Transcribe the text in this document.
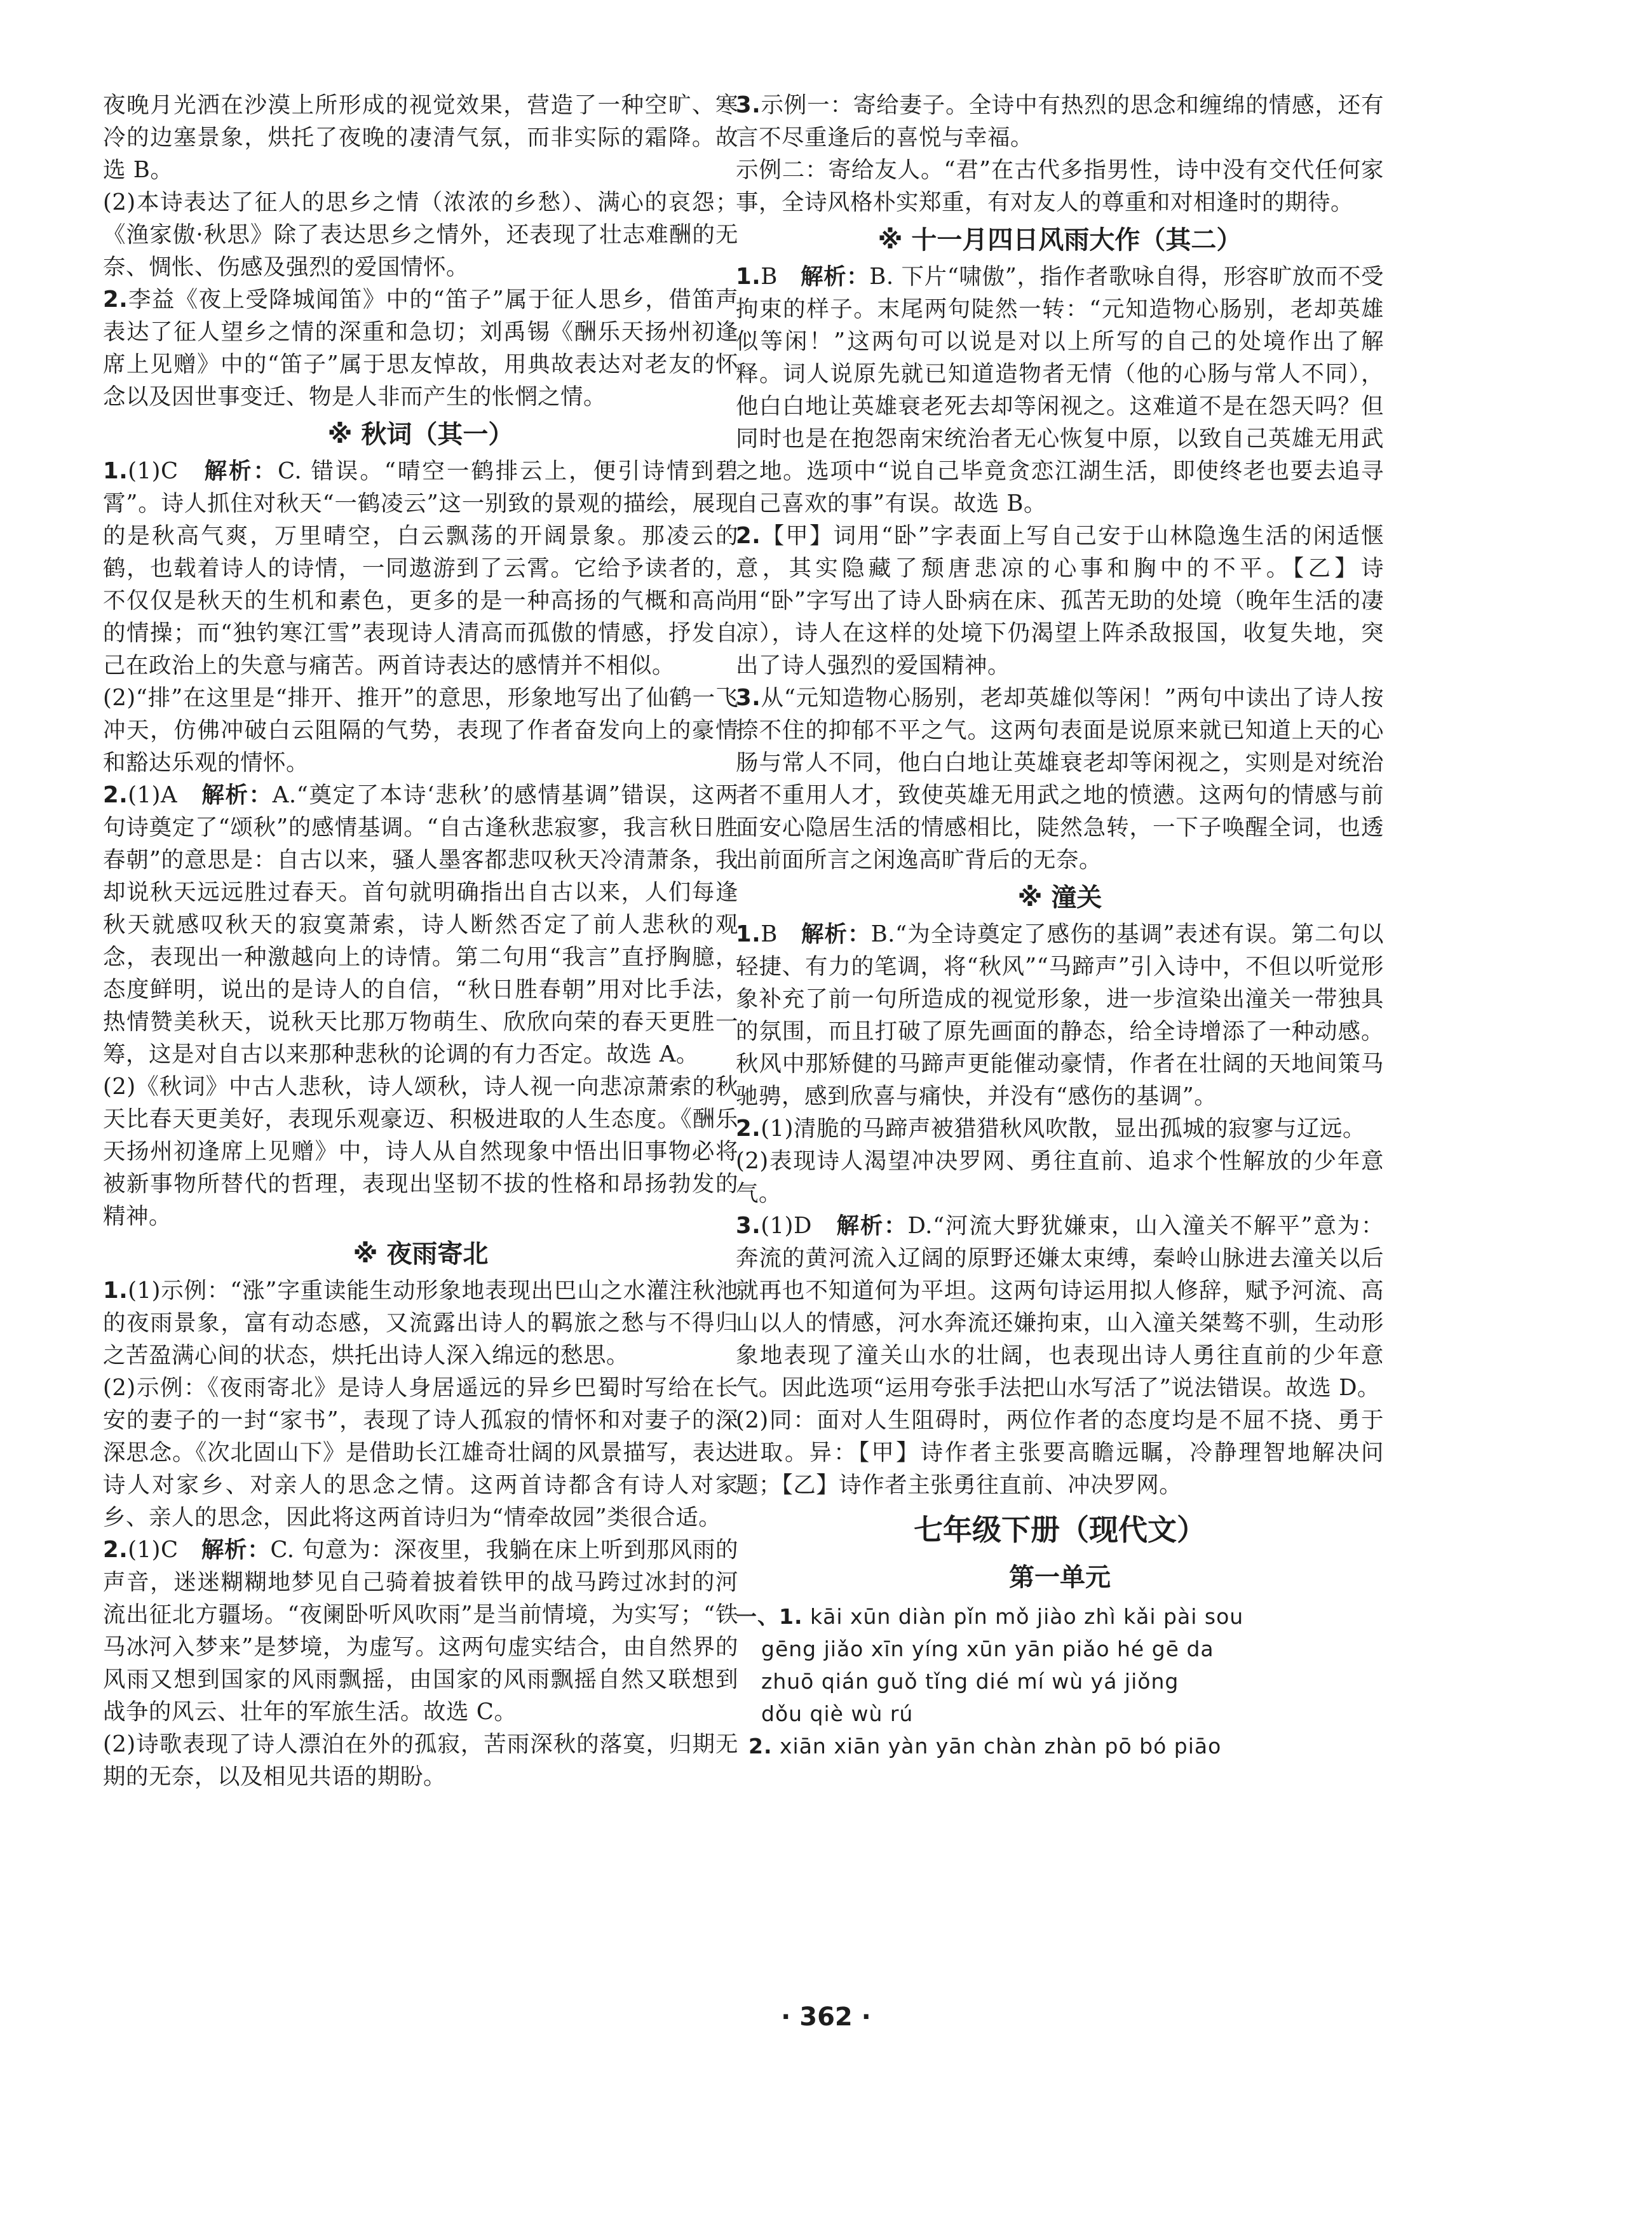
夜晚月光洒在沙漠上所形成的视觉效果，营造了一种空旷、寒冷的边塞景象，烘托了夜晚的凄清气氛，而非实际的霜降。故选 B。

(2)本诗表达了征人的思乡之情（浓浓的乡愁）、满心的哀怨；《渔家傲·秋思》除了表达思乡之情外，还表现了壮志难酬的无奈、惆怅、伤感及强烈的爱国情怀。

2.李益《夜上受降城闻笛》中的“笛子”属于征人思乡，借笛声表达了征人望乡之情的深重和急切；刘禹锡《酬乐天扬州初逢席上见赠》中的“笛子”属于思友悼故，用典故表达对老友的怀念以及因世事变迁、物是人非而产生的怅惘之情。

※ 秋词（其一）

1.(1)C　 解析：C. 错误。“晴空一鹤排云上，便引诗情到碧霄”。诗人抓住对秋天“一鹤凌云”这一别致的景观的描绘，展现的是秋高气爽，万里晴空，白云飘荡的开阔景象。那凌云的鹤，也载着诗人的诗情，一同遨游到了云霄。它给予读者的，不仅仅是秋天的生机和素色，更多的是一种高扬的气概和高尚的情操；而“独钓寒江雪”表现诗人清高而孤傲的情感，抒发自己在政治上的失意与痛苦。两首诗表达的感情并不相似。

(2)“排”在这里是“排开、推开”的意思，形象地写出了仙鹤一飞冲天，仿佛冲破白云阻隔的气势，表现了作者奋发向上的豪情和豁达乐观的情怀。

2.(1)A　 解析：A.“奠定了本诗‘悲秋’的感情基调”错误，这两句诗奠定了“颂秋”的感情基调。“自古逢秋悲寂寥，我言秋日胜春朝”的意思是：自古以来，骚人墨客都悲叹秋天冷清萧条，我却说秋天远远胜过春天。首句就明确指出自古以来，人们每逢秋天就感叹秋天的寂寞萧索，诗人断然否定了前人悲秋的观念，表现出一种激越向上的诗情。第二句用“我言”直抒胸臆，态度鲜明，说出的是诗人的自信，“秋日胜春朝”用对比手法，热情赞美秋天，说秋天比那万物萌生、欣欣向荣的春天更胜一筹，这是对自古以来那种悲秋的论调的有力否定。故选 A。

(2)《秋词》中古人悲秋，诗人颂秋，诗人视一向悲凉萧索的秋天比春天更美好，表现乐观豪迈、积极进取的人生态度。《酬乐天扬州初逢席上见赠》中，诗人从自然现象中悟出旧事物必将被新事物所替代的哲理，表现出坚韧不拔的性格和昂扬勃发的精神。

※ 夜雨寄北

1.(1)示例：“涨”字重读能生动形象地表现出巴山之水灌注秋池的夜雨景象，富有动态感，又流露出诗人的羁旅之愁与不得归之苦盈满心间的状态，烘托出诗人深入绵远的愁思。

(2)示例：《夜雨寄北》是诗人身居遥远的异乡巴蜀时写给在长安的妻子的一封“家书”，表现了诗人孤寂的情怀和对妻子的深深思念。《次北固山下》是借助长江雄奇壮阔的风景描写，表达诗人对家乡、对亲人的思念之情。这两首诗都含有诗人对家乡、亲人的思念，因此将这两首诗归为“情牵故园”类很合适。

2.(1)C　 解析：C. 句意为：深夜里，我躺在床上听到那风雨的声音，迷迷糊糊地梦见自己骑着披着铁甲的战马跨过冰封的河流出征北方疆场。“夜阑卧听风吹雨”是当前情境，为实写；“铁马冰河入梦来”是梦境，为虚写。这两句虚实结合，由自然界的风雨又想到国家的风雨飘摇，由国家的风雨飘摇自然又联想到战争的风云、壮年的军旅生活。故选 C。

(2)诗歌表现了诗人漂泊在外的孤寂，苦雨深秋的落寞，归期无期的无奈，以及相见共语的期盼。

3.示例一：寄给妻子。全诗中有热烈的思念和缠绵的情感，还有言不尽重逢后的喜悦与幸福。

示例二：寄给友人。“君”在古代多指男性，诗中没有交代任何家事，全诗风格朴实郑重，有对友人的尊重和对相逢时的期待。

※ 十一月四日风雨大作（其二）

1.B　 解析：B. 下片“啸傲”，指作者歌咏自得，形容旷放而不受拘束的样子。末尾两句陡然一转：“元知造物心肠别，老却英雄似等闲！”这两句可以说是对以上所写的自己的处境作出了解释。词人说原先就已知道造物者无情（他的心肠与常人不同），他白白地让英雄衰老死去却等闲视之。这难道不是在怨天吗？但同时也是在抱怨南宋统治者无心恢复中原，以致自己英雄无用武之地。选项中“说自己毕竟贪恋江湖生活，即使终老也要去追寻自己喜欢的事”有误。故选 B。

2.【甲】词用“卧”字表面上写自己安于山林隐逸生活的闲适惬意，其实隐藏了颓唐悲凉的心事和胸中的不平。【乙】诗用“卧”字写出了诗人卧病在床、孤苦无助的处境（晚年生活的凄凉），诗人在这样的处境下仍渴望上阵杀敌报国，收复失地，突出了诗人强烈的爱国精神。

3.从“元知造物心肠别，老却英雄似等闲！”两句中读出了诗人按捺不住的抑郁不平之气。这两句表面是说原来就已知道上天的心肠与常人不同，他白白地让英雄衰老却等闲视之，实则是对统治者不重用人才，致使英雄无用武之地的愤懑。这两句的情感与前面安心隐居生活的情感相比，陡然急转，一下子唤醒全词，也透出前面所言之闲逸高旷背后的无奈。

※ 潼关

1.B　 解析：B.“为全诗奠定了感伤的基调”表述有误。第二句以轻捷、有力的笔调，将“秋风”“马蹄声”引入诗中，不但以听觉形象补充了前一句所造成的视觉形象，进一步渲染出潼关一带独具的氛围，而且打破了原先画面的静态，给全诗增添了一种动感。秋风中那矫健的马蹄声更能催动豪情，作者在壮阔的天地间策马驰骋，感到欣喜与痛快，并没有“感伤的基调”。

2.(1)清脆的马蹄声被猎猎秋风吹散，显出孤城的寂寥与辽远。

(2)表现诗人渴望冲决罗网、勇往直前、追求个性解放的少年意气。

3.(1)D　 解析：D.“河流大野犹嫌束，山入潼关不解平”意为：奔流的黄河流入辽阔的原野还嫌太束缚，秦岭山脉进去潼关以后就再也不知道何为平坦。这两句诗运用拟人修辞，赋予河流、高山以人的情感，河水奔流还嫌拘束，山入潼关桀骜不驯，生动形象地表现了潼关山水的壮阔，也表现出诗人勇往直前的少年意气。因此选项“运用夸张手法把山水写活了”说法错误。故选 D。

(2)同：面对人生阻碍时，两位作者的态度均是不屈不挠、勇于进取。异：【甲】诗作者主张要高瞻远瞩，冷静理智地解决问题；【乙】诗作者主张勇往直前、冲决罗网。

七年级下册（现代文）
第一单元

一、1. kāi xūn diàn pǐn mǒ jiào zhì kǎi pài sou

gēng jiǎo xīn yíng xūn yān piǎo hé gē da

zhuō qián guǒ tǐng dié mí wù yá jiǒng

dǒu qiè wù rú

2. xiān xiān yàn yān chàn zhàn pō bó piāo

· 362 ·
